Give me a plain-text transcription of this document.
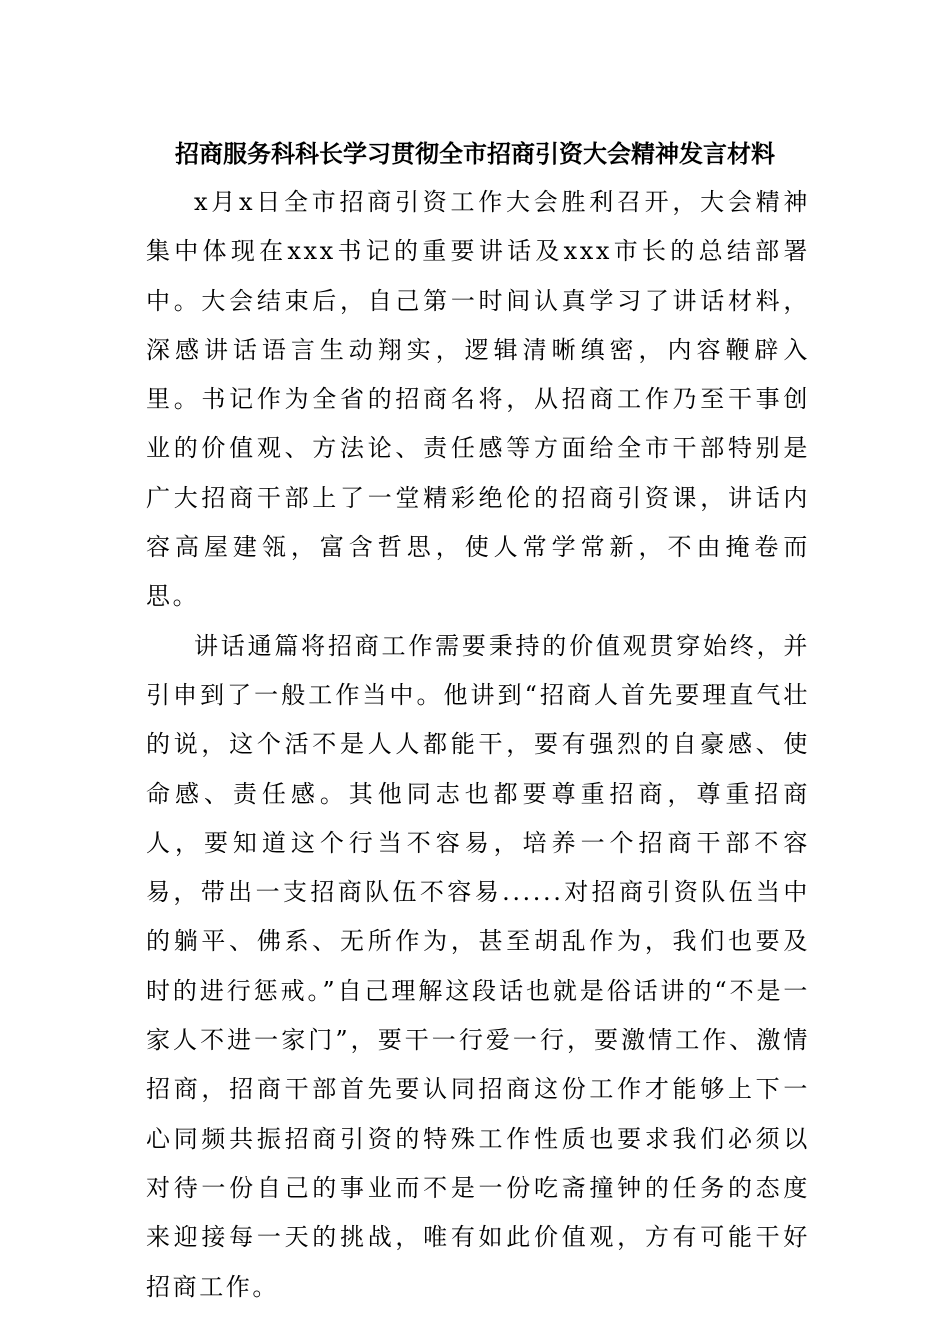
招商服务科科长学习贯彻全市招商引资大会精神发言材料

x月x日全市招商引资工作大会胜利召开，大会精神集中体现在xxx书记的重要讲话及xxx市长的总结部署中。大会结束后，自己第一时间认真学习了讲话材料，深感讲话语言生动翔实，逻辑清晰缜密，内容鞭辟入里。书记作为全省的招商名将，从招商工作乃至干事创业的价值观、方法论、责任感等方面给全市干部特别是广大招商干部上了一堂精彩绝伦的招商引资课，讲话内容高屋建瓴，富含哲思，使人常学常新，不由掩卷而思。

讲话通篇将招商工作需要秉持的价值观贯穿始终，并引申到了一般工作当中。他讲到“招商人首先要理直气壮的说，这个活不是人人都能干，要有强烈的自豪感、使命感、责任感。其他同志也都要尊重招商，尊重招商人，要知道这个行当不容易，培养一个招商干部不容易，带出一支招商队伍不容易......对招商引资队伍当中的躺平、佛系、无所作为，甚至胡乱作为，我们也要及时的进行惩戒。”自己理解这段话也就是俗话讲的“不是一家人不进一家门”，要干一行爱一行，要激情工作、激情招商，招商干部首先要认同招商这份工作才能够上下一心同频共振招商引资的特殊工作性质也要求我们必须以对待一份自己的事业而不是一份吃斋撞钟的任务的态度来迎接每一天的挑战，唯有如此价值观，方有可能干好招商工作。
